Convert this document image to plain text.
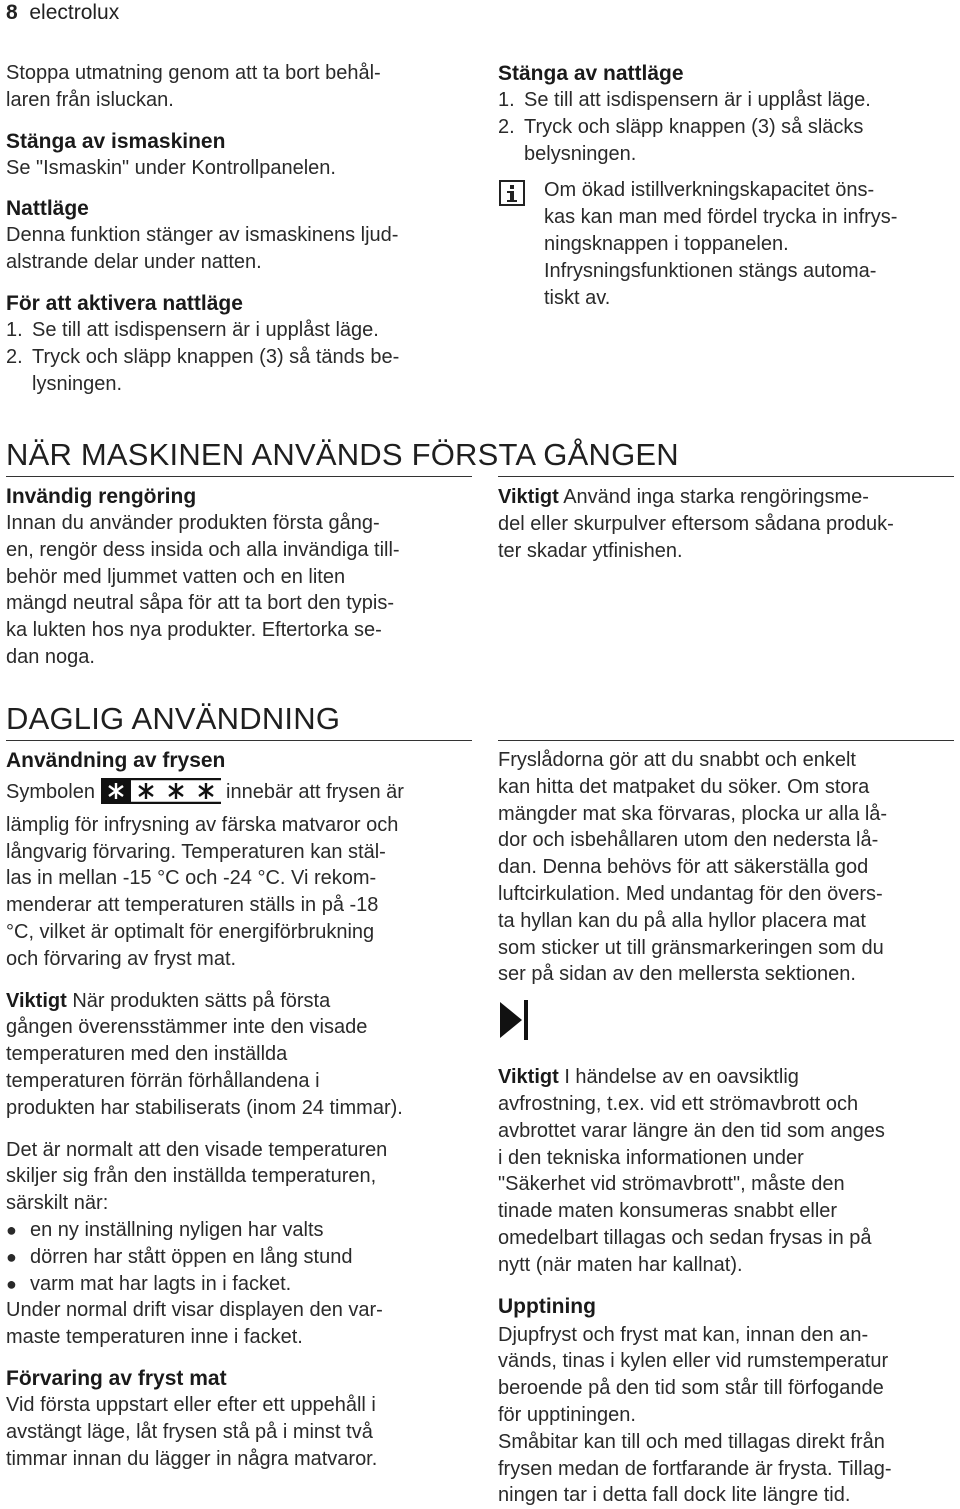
8 electrolux

Stoppa utmatning genom att ta bort behål-

laren från isluckan.

Stänga av ismaskinen

Se "Ismaskin" under Kontrollpanelen.

Nattläge

Denna funktion stänger av ismaskinens ljud-

alstrande delar under natten.

För att aktivera nattläge

1. Se till att isdispensern är i upplåst läge.
2. Tryck och släpp knappen (3) så tänds be-
lysningen.

Stänga av nattläge

1. Se till att isdispensern är i upplåst läge.
2. Tryck och släpp knappen (3) så släcks
belysningen.

Om ökad istillverkningskapacitet öns-

kas kan man med fördel trycka in infrys-

ningsknappen i toppanelen.

Infrysningsfunktionen stängs automa-

tiskt av.

NÄR MASKINEN ANVÄNDS FÖRSTA GÅNGEN

Invändig rengöring

Innan du använder produkten första gång-

en, rengör dess insida och alla invändiga till-

behör med ljummet vatten och en liten

mängd neutral såpa för att ta bort den typis-

ka lukten hos nya produkter. Eftertorka se-

dan noga.

Viktigt Använd inga starka rengöringsme-

del eller skurpulver eftersom sådana produk-

ter skadar ytfinishen.

DAGLIG ANVÄNDNING

Användning av frysen

Symbolen	innebär att frysen är

lämplig för infrysning av färska matvaror och

långvarig förvaring. Temperaturen kan stäl-

las in mellan -15 °C och -24 °C. Vi rekom-

menderar att temperaturen ställs in på -18

°C, vilket är optimalt för energiförbrukning

och förvaring av fryst mat.

Viktigt När produkten sätts på första

gången överensstämmer inte den visade

temperaturen med den inställda

temperaturen förrän förhållandena i

produkten har stabiliserats (inom 24 timmar).

Det är normalt att den visade temperaturen

skiljer sig från den inställda temperaturen,

särskilt när:

● en ny inställning nyligen har valts
● dörren har stått öppen en lång stund
● varm mat har lagts in i facket.

Under normal drift visar displayen den var-

maste temperaturen inne i facket.

Förvaring av fryst mat

Vid första uppstart eller efter ett uppehåll i

avstängt läge, låt frysen stå på i minst två

timmar innan du lägger in några matvaror.

Fryslådorna gör att du snabbt och enkelt

kan hitta det matpaket du söker. Om stora

mängder mat ska förvaras, plocka ur alla lå-

dor och isbehållaren utom den nedersta lå-

dan. Denna behövs för att säkerställa god

luftcirkulation. Med undantag för den övers-

ta hyllan kan du på alla hyllor placera mat

som sticker ut till gränsmarkeringen som du

ser på sidan av den mellersta sektionen.

Viktigt I händelse av en oavsiktlig

avfrostning, t.ex. vid ett strömavbrott och

avbrottet varar längre än den tid som anges

i den tekniska informationen under

"Säkerhet vid strömavbrott", måste den

tinade maten konsumeras snabbt eller

omedelbart tillagas och sedan frysas in på

nytt (när maten har kallnat).

Upptining

Djupfryst och fryst mat kan, innan den an-

vänds, tinas i kylen eller vid rumstemperatur

beroende på den tid som står till förfogande

för upptiningen.

Småbitar kan till och med tillagas direkt från

frysen medan de fortfarande är frysta. Tillag-

ningen tar i detta fall dock lite längre tid.
